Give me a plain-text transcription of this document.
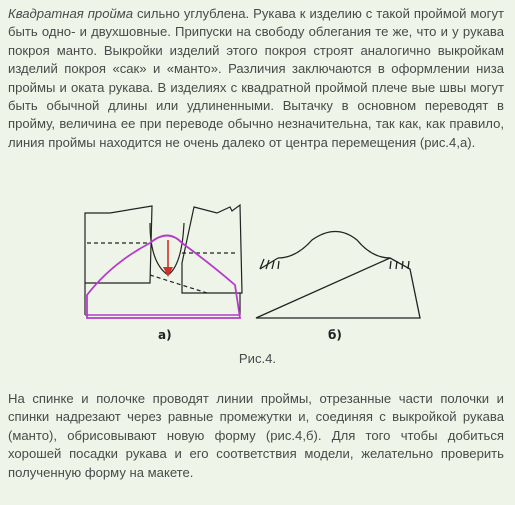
Квадратная пройма сильно углублена. Рукава к изделию с такой проймой могут быть одно- и двухшовные. Припуски на свободу облегания те же, что и у рукава покроя манто. Выкройки изделий этого покроя строят аналогично выкройкам изделий покроя «сак» и «манто». Различия заключаются в оформлении низа проймы и оката рукава. В изделиях с квадратной проймой плече вые швы могут быть обычной длины или удлиненными. Вытачку в основном переводят в пройму, величина ее при переводе обычно незначительна, так как, как правило, линия проймы находится не очень далеко от центра перемещения (рис.4,а).

а)	б)
Рис.4.

На спинке и полочке проводят линии проймы, отрезанные части полочки и спинки надрезают через равные промежутки и, соединяя с выкройкой рукава (манто), обрисовывают новую форму (рис.4,б). Для того чтобы добиться хорошей посадки рукава и его соответствия модели, желательно проверить полученную форму на макете.
